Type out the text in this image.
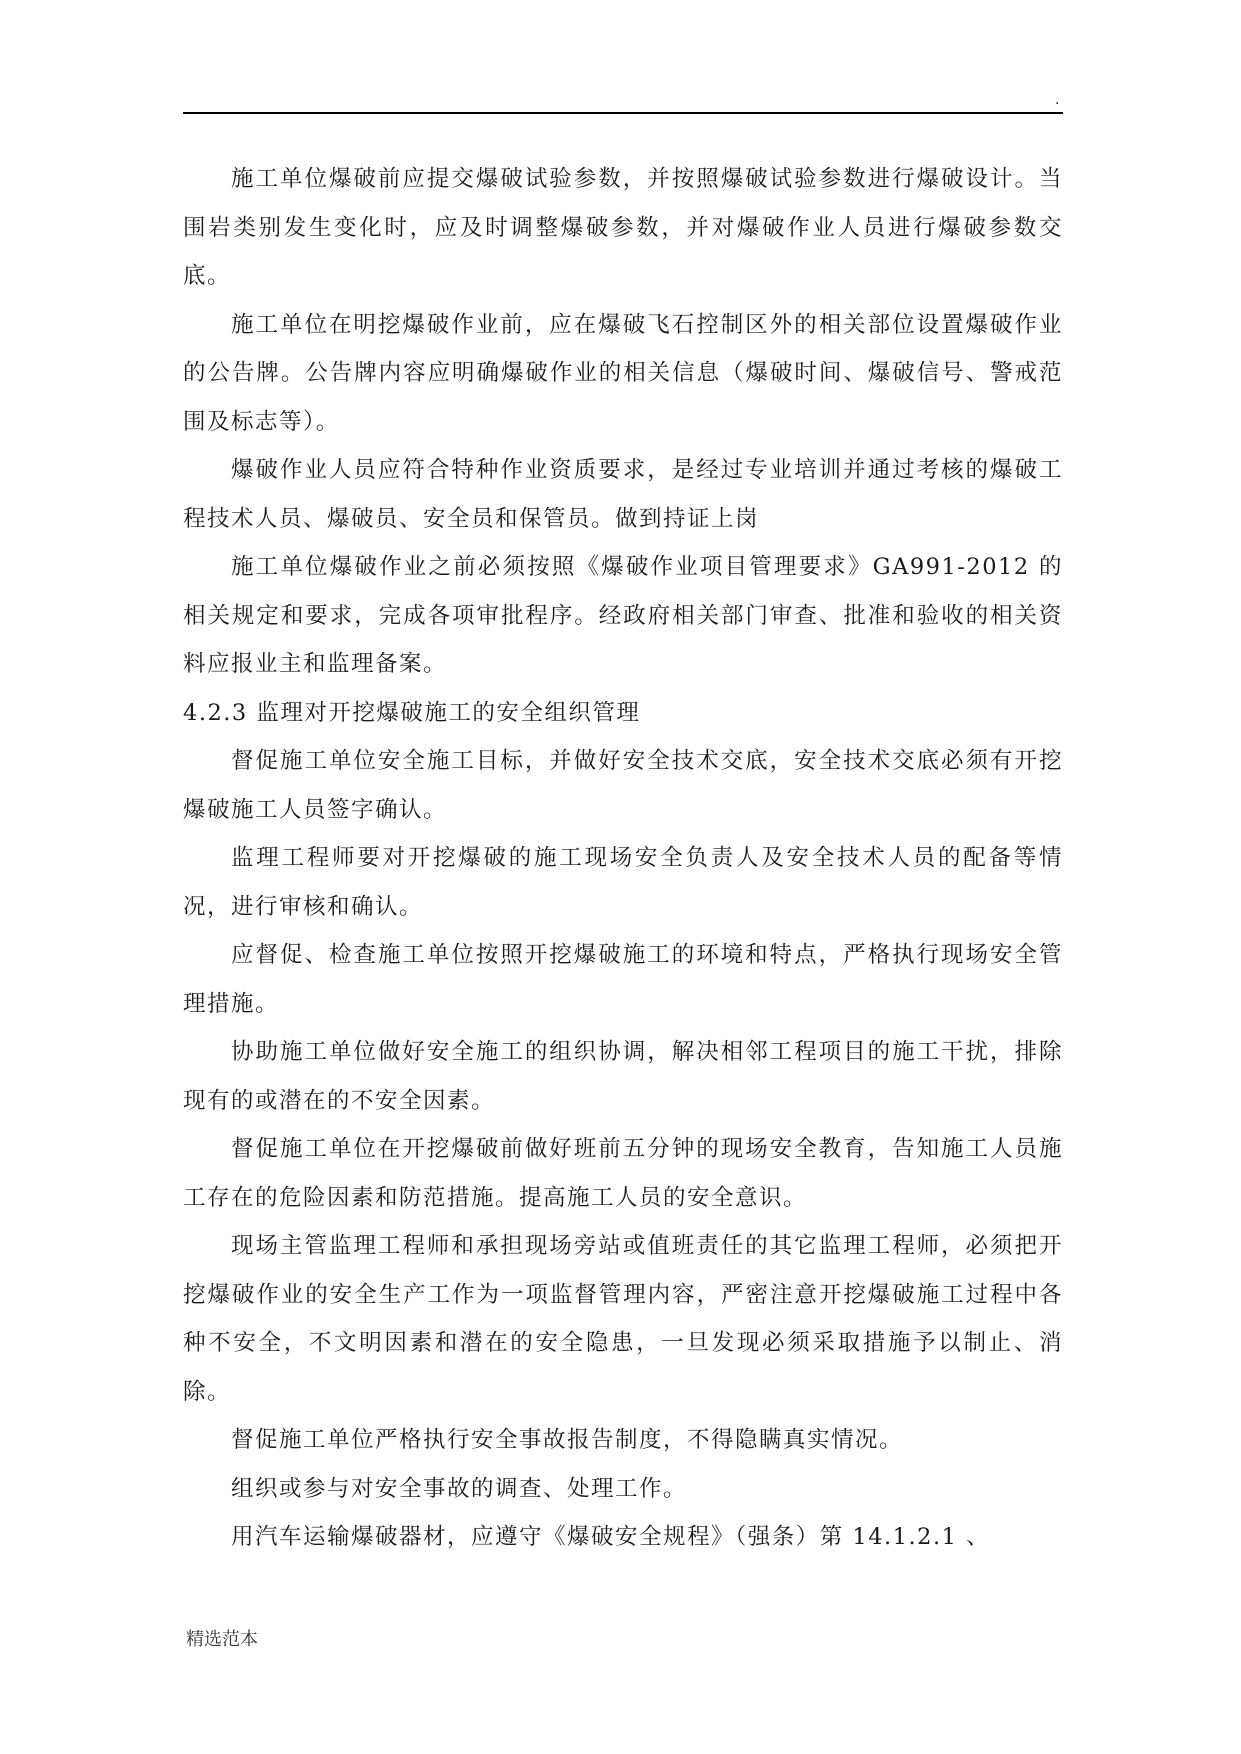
.

施工单位爆破前应提交爆破试验参数，并按照爆破试验参数进行爆破设计。当围岩类别发生变化时，应及时调整爆破参数，并对爆破作业人员进行爆破参数交底。

施工单位在明挖爆破作业前，应在爆破飞石控制区外的相关部位设置爆破作业的公告牌。公告牌内容应明确爆破作业的相关信息（爆破时间、爆破信号、警戒范围及标志等）。

爆破作业人员应符合特种作业资质要求，是经过专业培训并通过考核的爆破工程技术人员、爆破员、安全员和保管员。做到持证上岗

施工单位爆破作业之前必须按照《爆破作业项目管理要求》GA991-2012 的相关规定和要求，完成各项审批程序。经政府相关部门审查、批准和验收的相关资料应报业主和监理备案。

4.2.3 监理对开挖爆破施工的安全组织管理

督促施工单位安全施工目标，并做好安全技术交底，安全技术交底必须有开挖爆破施工人员签字确认。

监理工程师要对开挖爆破的施工现场安全负责人及安全技术人员的配备等情况，进行审核和确认。

应督促、检查施工单位按照开挖爆破施工的环境和特点，严格执行现场安全管理措施。

协助施工单位做好安全施工的组织协调，解决相邻工程项目的施工干扰，排除现有的或潜在的不安全因素。

督促施工单位在开挖爆破前做好班前五分钟的现场安全教育，告知施工人员施工存在的危险因素和防范措施。提高施工人员的安全意识。

现场主管监理工程师和承担现场旁站或值班责任的其它监理工程师，必须把开挖爆破作业的安全生产工作为一项监督管理内容，严密注意开挖爆破施工过程中各种不安全，不文明因素和潜在的安全隐患，一旦发现必须采取措施予以制止、消除。

督促施工单位严格执行安全事故报告制度，不得隐瞒真实情况。

组织或参与对安全事故的调查、处理工作。

用汽车运输爆破器材，应遵守《爆破安全规程》（强条）第 14.1.2.1 、

精选范本
